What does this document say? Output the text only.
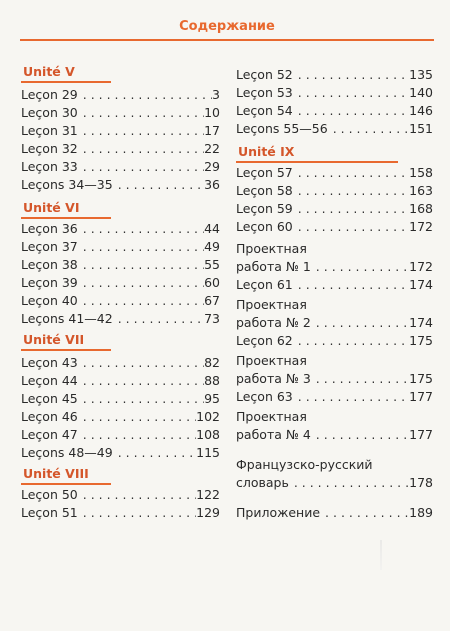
Содержание
Unité V
Leçon 29 . . .	3
Leçon 30 . . .	10
Leçon 31 . . .	17
Leçon 32 . . .	22
Leçon 33 . . .	29
Leçons 34—35 . . .	36
Unité VI
Leçon 36 . . .	44
Leçon 37 . . .	49
Leçon 38 . . .	55
Leçon 39 . . .	60
Leçon 40 . . .	67
Leçons 41—42 . . .	73
Unité VII
Leçon 43 . . .	82
Leçon 44 . . .	88
Leçon 45 . . .	95
Leçon 46 . . .	102
Leçon 47 . . .	108
Leçons 48—49 . . .	115
Unité VIII
Leçon 50 . . .	122
Leçon 51 . . .	129
Leçon 52 . . .	135
Leçon 53 . . .	140
Leçon 54 . . .	146
Leçons 55—56 . . .	151
Unité IX
Leçon 57 . . .	158
Leçon 58 . . .	163
Leçon 59 . . .	168
Leçon 60 . . .	172
Проектная
работа № 1 . . .	172
Leçon 61 . . .	174
Проектная
работа № 2 . . .	174
Leçon 62 . . .	175
Проектная
работа № 3 . . .	175
Leçon 63 . . .	177
Проектная
работа № 4 . . .	177
Французско-русский
словарь . . .	178
Приложение . . .	189
